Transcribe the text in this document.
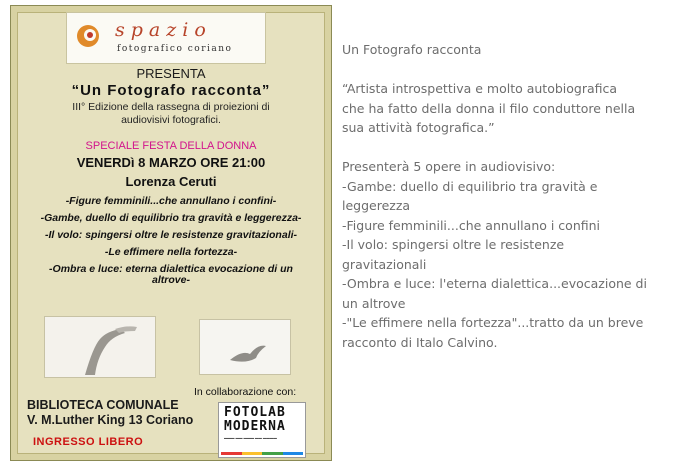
spazio
fotografico coriano
PRESENTA
“Un Fotografo racconta”
III° Edizione della rassegna di proiezioni di
audiovisivi fotografici.
SPECIALE FESTA DELLA DONNA
VENERDì 8 MARZO ORE 21:00
Lorenza Ceruti
-Figure femminili...che annullano i confini-
-Gambe, duello di equilibrio tra gravità e leggerezza-
-Il volo: spingersi oltre le resistenze gravitazionali-
-Le effimere nella fortezza-
-Ombra e luce: eterna dialettica evocazione di un altrove-
In collaborazione con:
FOTOLAB
MODERNA
▬▬▬ ▬▬ ▬▬▬ ▬▬ ▬▬▬▬
BIBLIOTECA COMUNALE
V. M.Luther King 13 Coriano
INGRESSO LIBERO
Un Fotografo racconta
“Artista introspettiva e molto autobiografica
che ha fatto della donna il filo conduttore nella
sua attività fotografica.”
Presenterà 5 opere in audiovisivo:
-Gambe: duello di equilibrio tra gravità e
leggerezza
-Figure femminili...che annullano i confini
-Il volo: spingersi oltre le resistenze
gravitazionali
-Ombra e luce: l'eterna dialettica...evocazione di
un altrove
-"Le effimere nella fortezza"...tratto da un breve
racconto di Italo Calvino.
